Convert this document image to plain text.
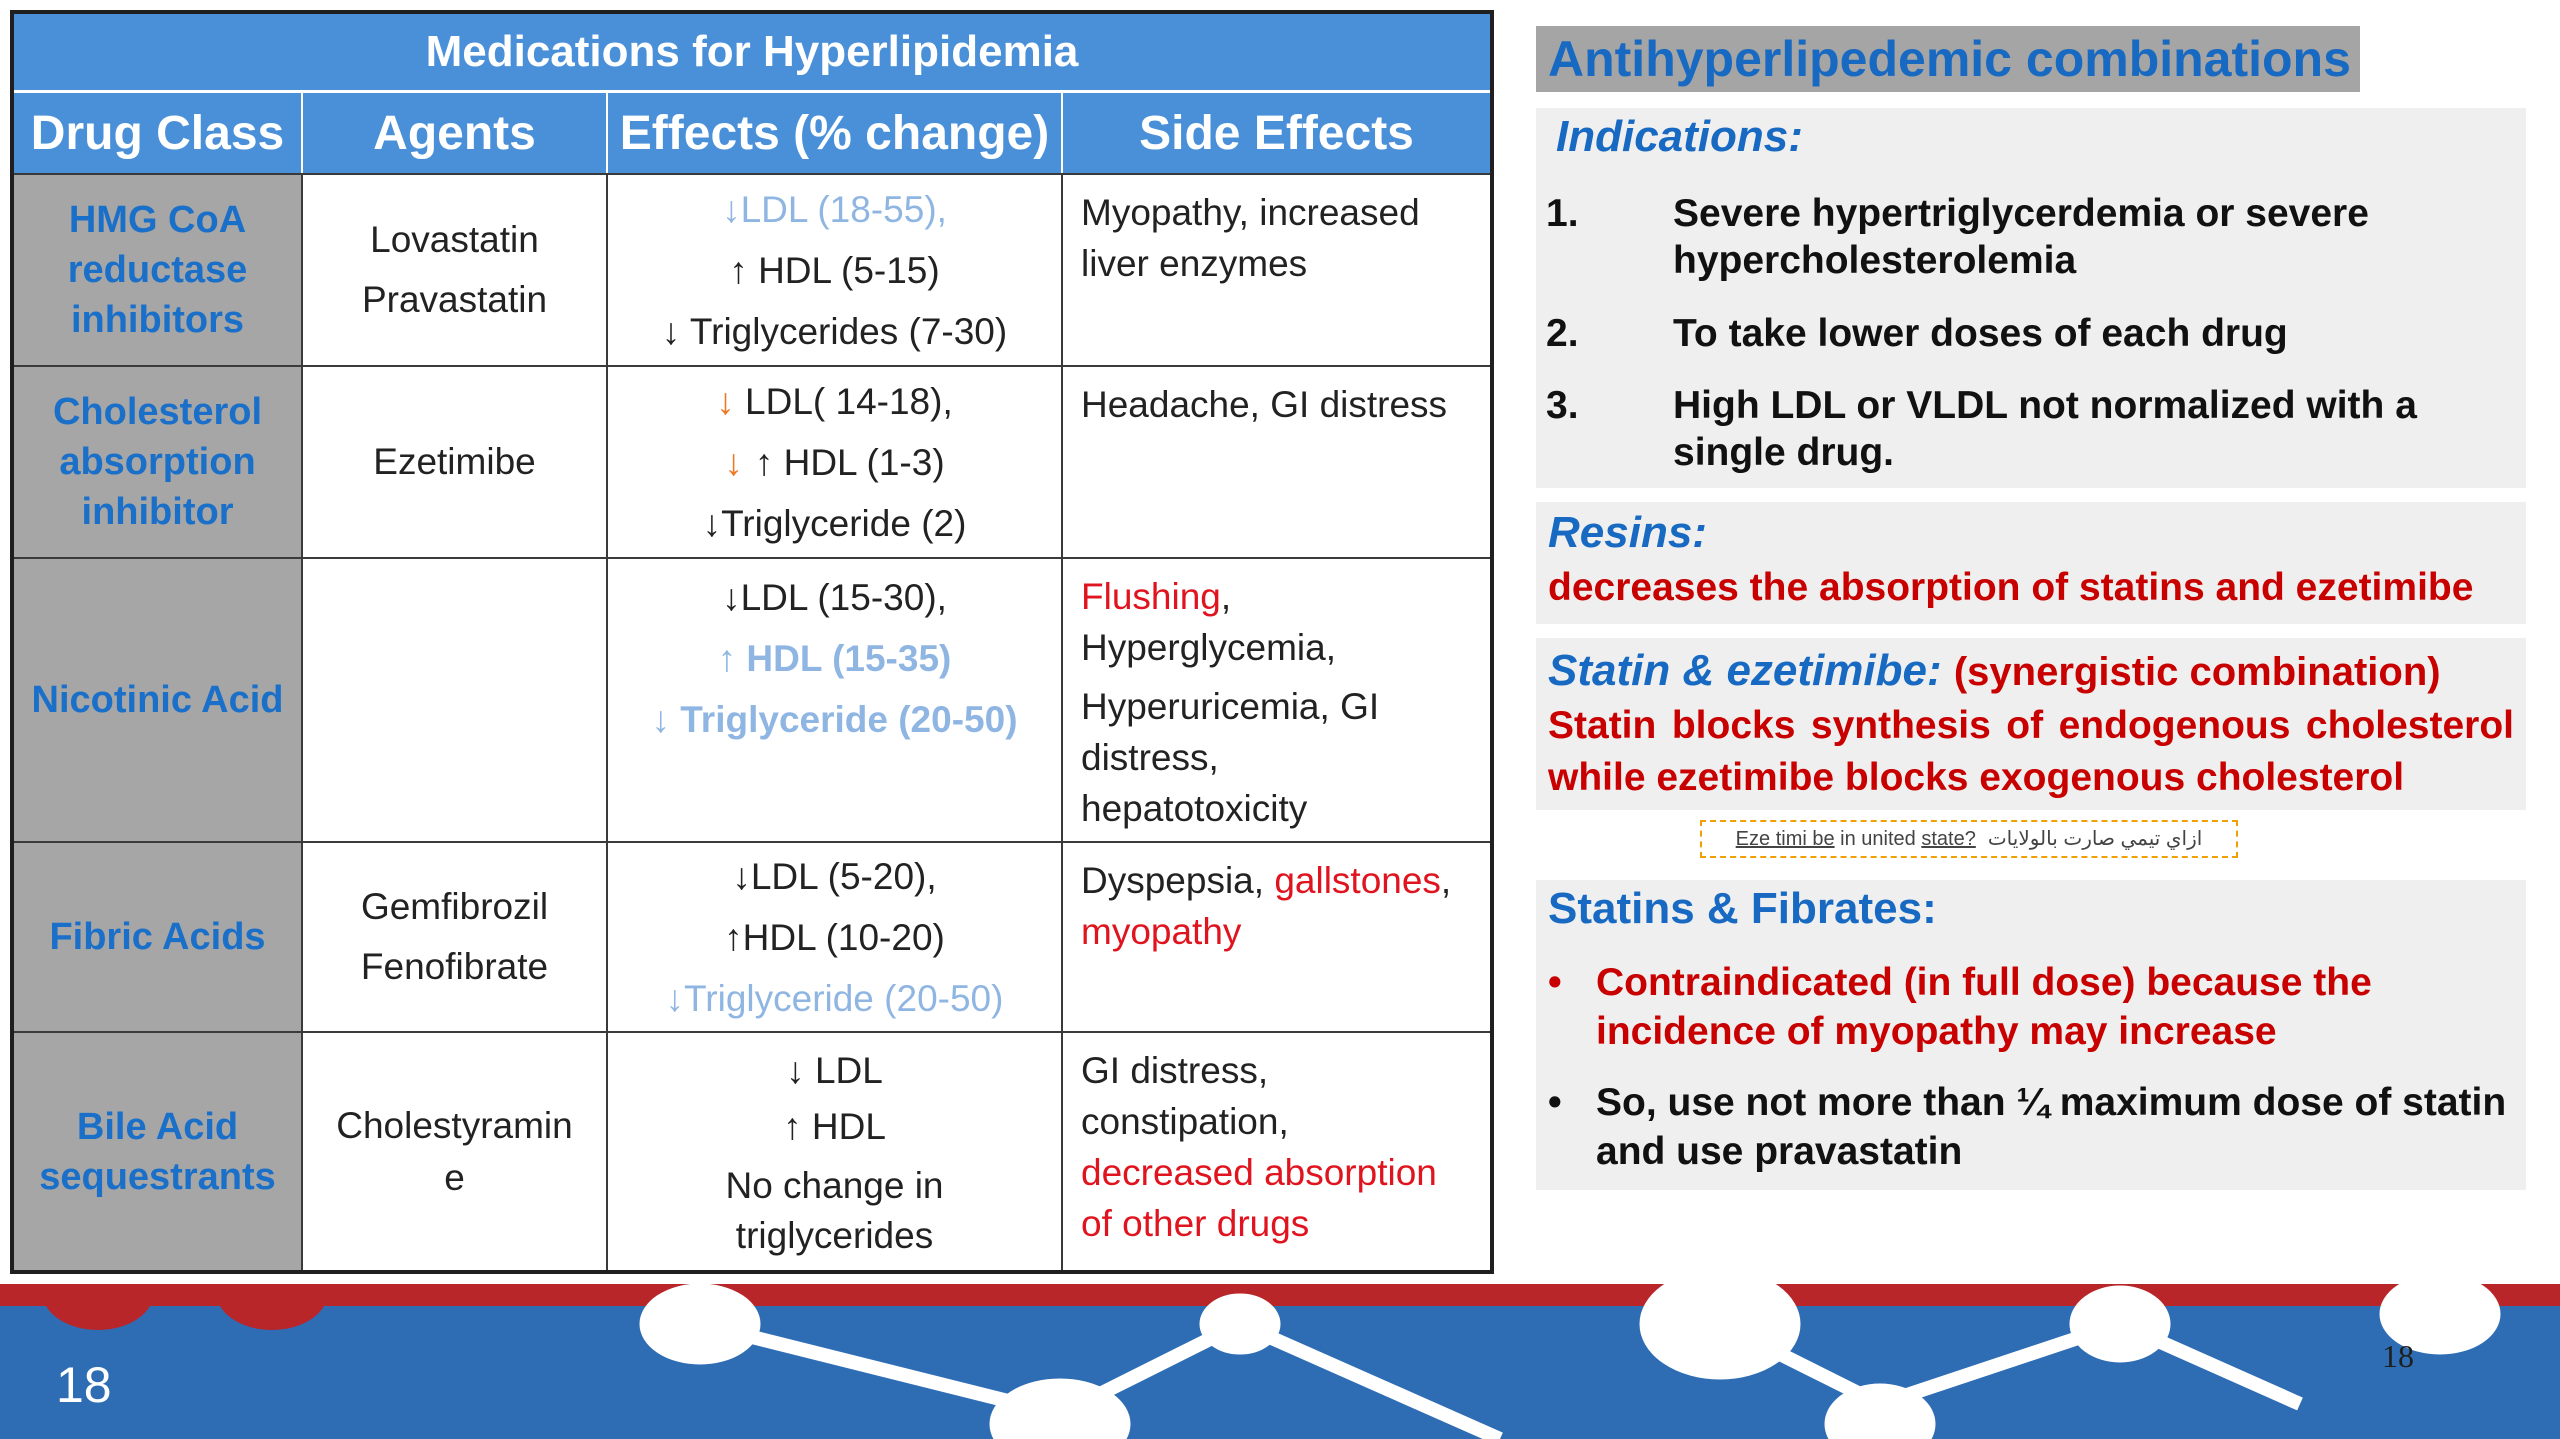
Medications for Hyperlipidemia			
Drug Class	Agents	Effects (% change)	Side Effects

HMG CoA
reductase
inhibitors	Lovastatin
Pravastatin	↓LDL (18-55),
↑ HDL (5-15)
↓ Triglycerides (7-30)	Myopathy, increased
liver enzymes

Cholesterol
absorption
inhibitor	Ezetimibe	↓ LDL( 14-18),
↓ ↑ HDL (1-3)
↓Triglyceride (2)	Headache, GI distress

Nicotinic Acid		↓LDL (15-30),
↑ HDL (15-35)
↓ Triglyceride (20-50)	Flushing,
Hyperglycemia,
Hyperuricemia, GI
distress,
hepatotoxicity

Fibric Acids	Gemfibrozil
Fenofibrate	↓LDL (5-20),
↑HDL (10-20)
↓Triglyceride (20-50)	Dyspepsia, gallstones,
myopathy

Bile Acid
sequestrants	Cholestyramin
e	↓ LDL
↑ HDL
No change in
triglycerides	GI distress,
constipation,
decreased absorption
of other drugs
Antihyperlipedemic combinations
Indications:
1.	Severe hypertriglycerdemia or severe hypercholesterolemia
2.	To take lower doses of each drug
3.	High LDL or VLDL not normalized with a single drug.
Resins:
decreases the absorption of statins and ezetimibe
Statin & ezetimibe: (synergistic combination)
Statin blocks synthesis of endogenous cholesterol while ezetimibe blocks exogenous cholesterol
Eze timi be in united state? ازاي تيمي صارت بالولايات
Statins & Fibrates:
• Contraindicated (in full dose) because the incidence of myopathy may increase
• So, use not more than ¼ maximum dose of statin and use pravastatin
18
18
